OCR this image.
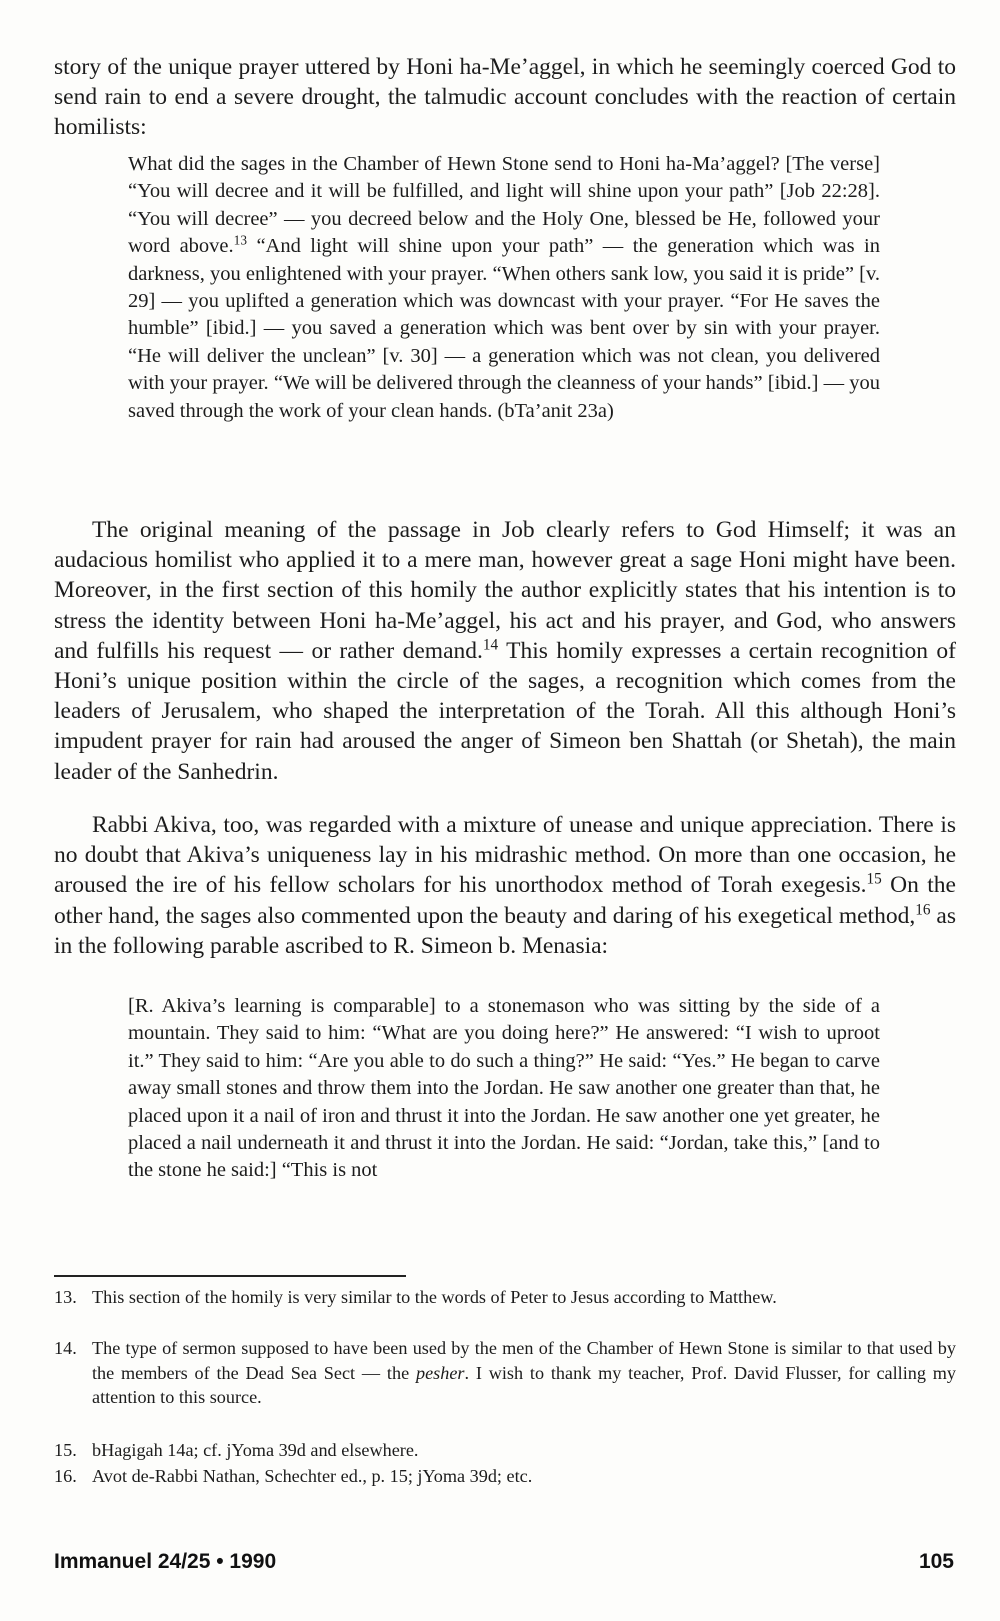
story of the unique prayer uttered by Honi ha-Me’aggel, in which he seemingly coerced God to send rain to end a severe drought, the talmudic account concludes with the reaction of certain homilists:

What did the sages in the Chamber of Hewn Stone send to Honi ha-Ma’aggel? [The verse] “You will decree and it will be fulfilled, and light will shine upon your path” [Job 22:28]. “You will decree” — you decreed below and the Holy One, blessed be He, followed your word above.$^{13}$ “And light will shine upon your path” — the generation which was in darkness, you enlightened with your prayer. “When others sank low, you said it is pride” [v. 29] — you uplifted a generation which was downcast with your prayer. “For He saves the humble” [ibid.] — you saved a generation which was bent over by sin with your prayer. “He will deliver the unclean” [v. 30] — a generation which was not clean, you delivered with your prayer. “We will be delivered through the cleanness of your hands” [ibid.] — you saved through the work of your clean hands. (bTa’anit 23a)

The original meaning of the passage in Job clearly refers to God Himself; it was an audacious homilist who applied it to a mere man, however great a sage Honi might have been. Moreover, in the first section of this homily the author explicitly states that his intention is to stress the identity between Honi ha-Me’aggel, his act and his prayer, and God, who answers and fulfills his request — or rather demand.$^{14}$ This homily expresses a certain recognition of Honi’s unique position within the circle of the sages, a recognition which comes from the leaders of Jerusalem, who shaped the interpretation of the Torah. All this although Honi’s impudent prayer for rain had aroused the anger of Simeon ben Shattah (or Shetah), the main leader of the Sanhedrin.

Rabbi Akiva, too, was regarded with a mixture of unease and unique appreciation. There is no doubt that Akiva’s uniqueness lay in his midrashic method. On more than one occasion, he aroused the ire of his fellow scholars for his unorthodox method of Torah exegesis.$^{15}$ On the other hand, the sages also commented upon the beauty and daring of his exegetical method,$^{16}$ as in the following parable ascribed to R. Simeon b. Menasia:

[R. Akiva’s learning is comparable] to a stonemason who was sitting by the side of a mountain. They said to him: “What are you doing here?” He answered: “I wish to uproot it.” They said to him: “Are you able to do such a thing?” He said: “Yes.” He began to carve away small stones and throw them into the Jordan. He saw another one greater than that, he placed upon it a nail of iron and thrust it into the Jordan. He saw another one yet greater, he placed a nail underneath it and thrust it into the Jordan. He said: “Jordan, take this,” [and to the stone he said:] “This is not

13. This section of the homily is very similar to the words of Peter to Jesus according to Matthew.

14. The type of sermon supposed to have been used by the men of the Chamber of Hewn Stone is similar to that used by the members of the Dead Sea Sect — the pesher. I wish to thank my teacher, Prof. David Flusser, for calling my attention to this source.

15. bHagigah 14a; cf. jYoma 39d and elsewhere.

16. Avot de-Rabbi Nathan, Schechter ed., p. 15; jYoma 39d; etc.

Immanuel 24/25 • 1990	105
